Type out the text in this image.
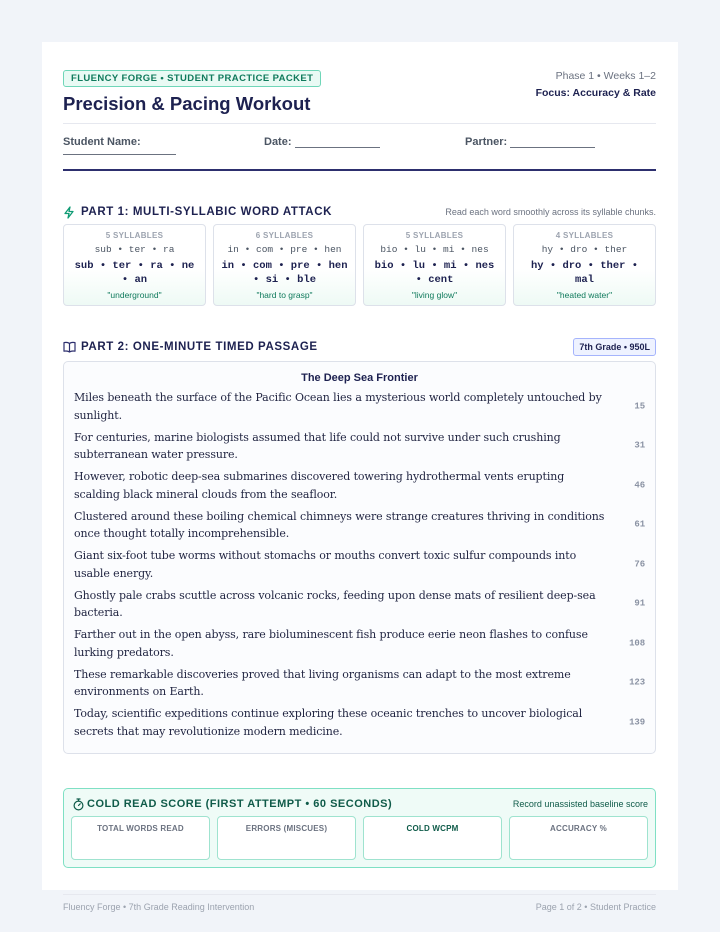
FLUENCY FORGE • STUDENT PRACTICE PACKET
Precision & Pacing Workout
Phase 1 • Weeks 1–2
Focus: Accuracy & Rate
Student Name:	Date:	Partner:
PART 1: MULTI-SYLLABIC WORD ATTACK	Read each word smoothly across its syllable chunks.
5 SYLLABLES
sub • ter • ra
sub • ter • ra • ne • an
"underground"
6 SYLLABLES
in • com • pre • hen
in • com • pre • hen • si • ble
"hard to grasp"
5 SYLLABLES
bio • lu • mi • nes
bio • lu • mi • nes • cent
"living glow"
4 SYLLABLES
hy • dro • ther
hy • dro • ther • mal
"heated water"
PART 2: ONE-MINUTE TIMED PASSAGE	7th Grade • 950L
The Deep Sea Frontier
Miles beneath the surface of the Pacific Ocean lies a mysterious world completely untouched by sunlight.
15
For centuries, marine biologists assumed that life could not survive under such crushing subterranean water pressure.
31
However, robotic deep-sea submarines discovered towering hydrothermal vents erupting scalding black mineral clouds from the seafloor.
46
Clustered around these boiling chemical chimneys were strange creatures thriving in conditions once thought totally incomprehensible.
61
Giant six-foot tube worms without stomachs or mouths convert toxic sulfur compounds into usable energy.
76
Ghostly pale crabs scuttle across volcanic rocks, feeding upon dense mats of resilient deep-sea bacteria.
91
Farther out in the open abyss, rare bioluminescent fish produce eerie neon flashes to confuse lurking predators.
108
These remarkable discoveries proved that living organisms can adapt to the most extreme environments on Earth.
123
Today, scientific expeditions continue exploring these oceanic trenches to uncover biological secrets that may revolutionize modern medicine.
139
COLD READ SCORE (FIRST ATTEMPT • 60 SECONDS)	Record unassisted baseline score
TOTAL WORDS READ	ERRORS (MISCUES)	COLD WCPM	ACCURACY %
Fluency Forge • 7th Grade Reading Intervention	Page 1 of 2 • Student Practice
